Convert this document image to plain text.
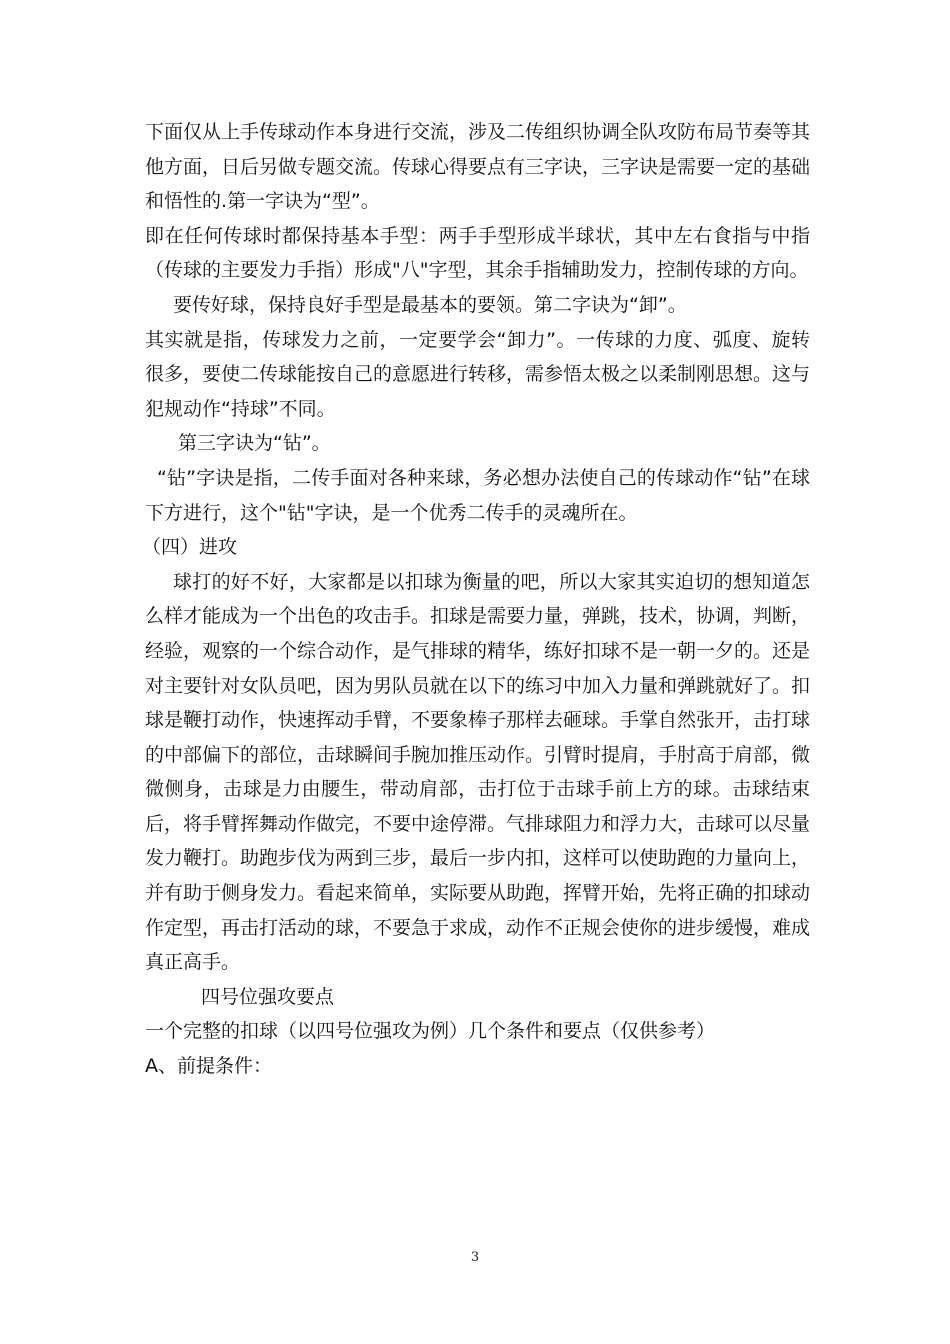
下面仅从上手传球动作本身进行交流，涉及二传组织协调全队攻防布局节奏等其他方面，日后另做专题交流。传球心得要点有三字诀，三字诀是需要一定的基础和悟性的.第一字诀为“型”。

即在任何传球时都保持基本手型：两手手型形成半球状，其中左右食指与中指（传球的主要发力手指）形成"八"字型，其余手指辅助发力，控制传球的方向。

要传好球，保持良好手型是最基本的要领。第二字诀为“卸”。

其实就是指，传球发力之前，一定要学会“卸力”。一传球的力度、弧度、旋转很多，要使二传球能按自己的意愿进行转移，需参悟太极之以柔制刚思想。这与犯规动作“持球”不同。

第三字诀为“钻”。

“钻”字诀是指，二传手面对各种来球，务必想办法使自己的传球动作“钻”在球下方进行，这个"钻"字诀，是一个优秀二传手的灵魂所在。

（四）进攻

球打的好不好，大家都是以扣球为衡量的吧，所以大家其实迫切的想知道怎么样才能成为一个出色的攻击手。扣球是需要力量，弹跳，技术，协调，判断，经验，观察的一个综合动作，是气排球的精华，练好扣球不是一朝一夕的。还是对主要针对女队员吧，因为男队员就在以下的练习中加入力量和弹跳就好了。扣球是鞭打动作，快速挥动手臂，不要象棒子那样去砸球。手掌自然张开，击打球的中部偏下的部位，击球瞬间手腕加推压动作。引臂时提肩，手肘高于肩部，微微侧身，击球是力由腰生，带动肩部，击打位于击球手前上方的球。击球结束后，将手臂挥舞动作做完，不要中途停滞。气排球阻力和浮力大，击球可以尽量发力鞭打。助跑步伐为两到三步，最后一步内扣，这样可以使助跑的力量向上，并有助于侧身发力。看起来简单，实际要从助跑，挥臂开始，先将正确的扣球动作定型，再击打活动的球，不要急于求成，动作不正规会使你的进步缓慢，难成真正高手。

四号位强攻要点

一个完整的扣球（以四号位强攻为例）几个条件和要点（仅供参考）

A、前提条件：

3
